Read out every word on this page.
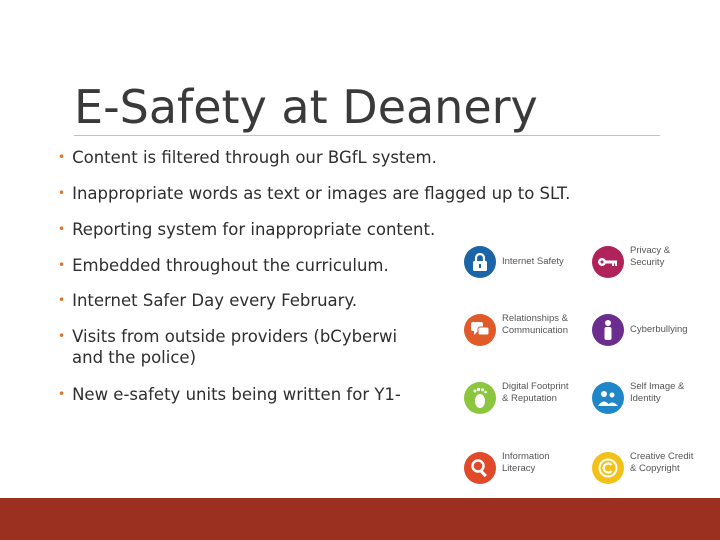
E-Safety at Deanery
• Content is filtered through our BGfL system.
• Inappropriate words as text or images are flagged up to SLT.
• Reporting system for inappropriate content.
• Embedded throughout the curriculum.
• Internet Safer Day every February.
• Visits from outside providers (bCyberwi
and the police)
• New e-safety units being written for Y1-
Internet Safety
Privacy &
Security
Relationships &
Communication	Cyberbullying
Digital Footprint
& Reputation
Self Image &
Identity
Information
Literacy
Creative Credit
& Copyright
